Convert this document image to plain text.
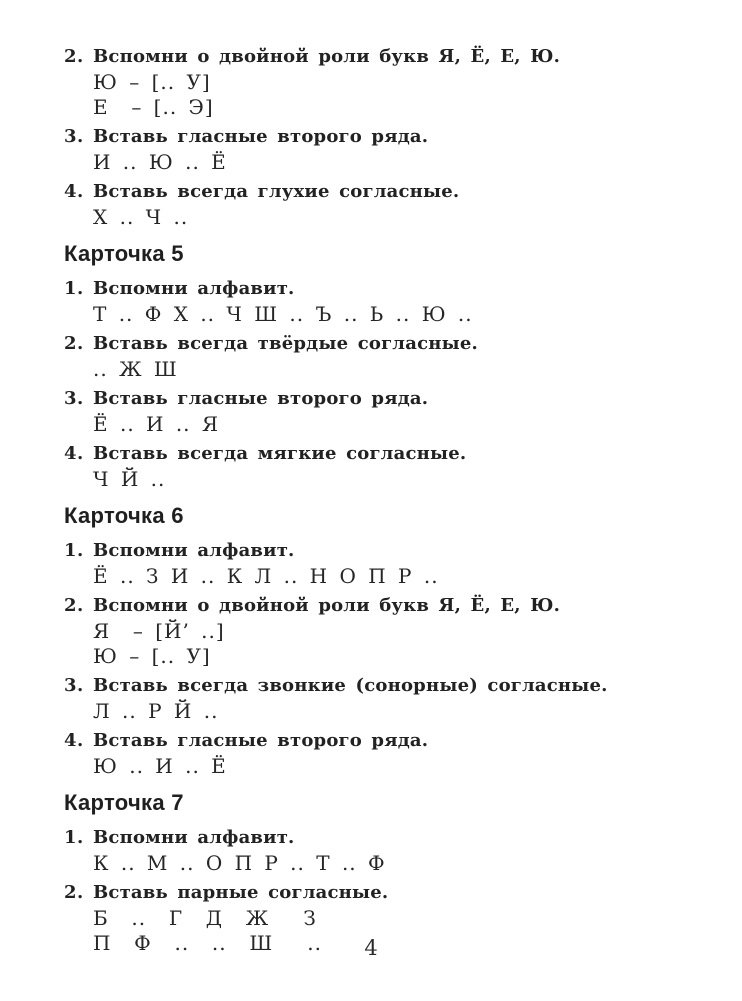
2. Вспомни о двойной роли букв Я, Ё, Е, Ю.
Ю – [.. У]
Е  – [.. Э]
3. Вставь гласные второго ряда.
И .. Ю .. Ё
4. Вставь всегда глухие согласные.
Х .. Ч ..
Карточка 5
1. Вспомни алфавит.
Т .. Ф Х .. Ч Ш .. Ъ .. Ь .. Ю ..
2. Вставь всегда твёрдые согласные.
.. Ж Ш
3. Вставь гласные второго ряда.
Ё .. И .. Я
4. Вставь всегда мягкие согласные.
Ч Й ..
Карточка 6
1. Вспомни алфавит.
Ё .. З И .. К Л .. Н О П Р ..
2. Вспомни о двойной роли букв Я, Ё, Е, Ю.
Я  – [Й’ ..]
Ю – [.. У]
3. Вставь всегда звонкие (сонорные) согласные.
Л .. Р Й ..
4. Вставь гласные второго ряда.
Ю .. И .. Ё
Карточка 7
1. Вспомни алфавит.
К .. М .. О П Р .. Т .. Ф
2. Вставь парные согласные.
Б  ..  Г  Д  Ж   З
П  Ф  ..  ..  Ш   ..	4
